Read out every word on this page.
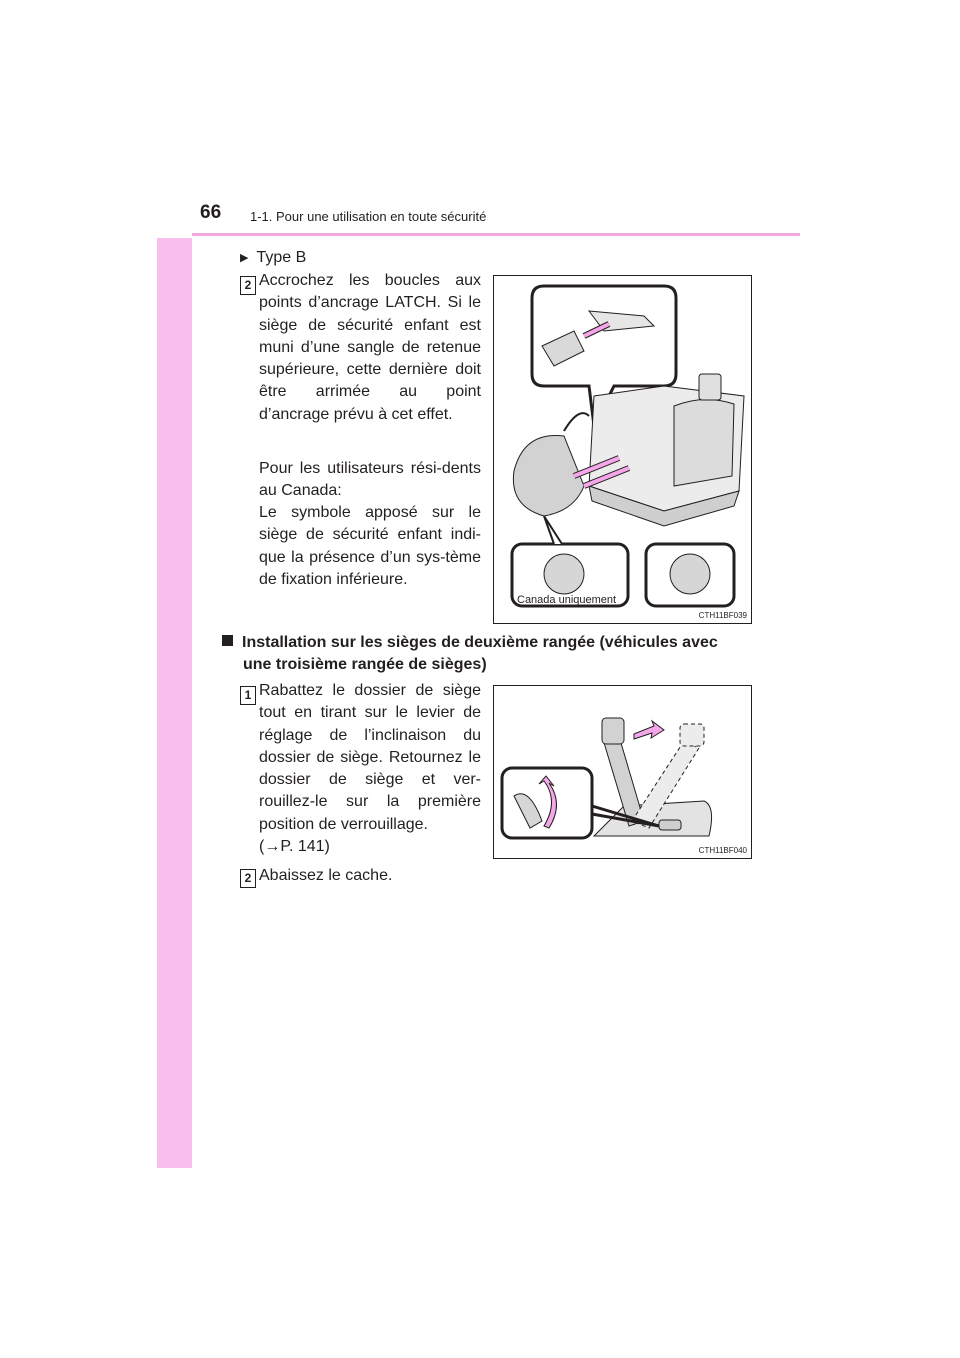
66 1-1. Pour une utilisation en toute sécurité
▶ Type B
2 Accrochez les boucles aux points d’ancrage LATCH. Si le siège de sécurité enfant est muni d’une sangle de retenue supérieure, cette dernière doit être arrimée au point d’ancrage prévu à cet effet.
Pour les utilisateurs rési-dents au Canada:
Le symbole apposé sur le siège de sécurité enfant indi-que la présence d’un sys-tème de fixation inférieure.
CTH11BF039
Canada uniquement
Installation sur les sièges de deuxième rangée (véhicules avec
une troisième rangée de sièges)
1 Rabattez le dossier de siège tout en tirant sur le levier de réglage de l’inclinaison du dossier de siège. Retournez le dossier de siège et ver-rouillez-le sur la première position de verrouillage.
(→P. 141)	CTH11BF040
2 Abaissez le cache.
